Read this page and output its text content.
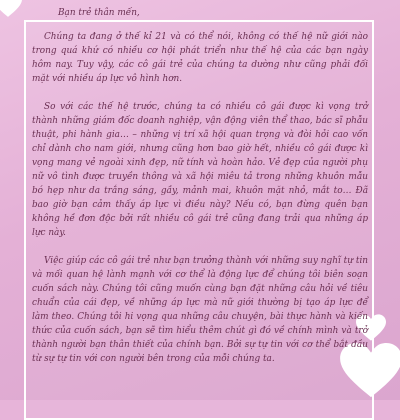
Bạn trẻ thân mến,

Chúng ta đang ở thế kỉ 21 và có thể nói, không có thế hệ nữ giới nào trong quá khứ có nhiều cơ hội phát triển như thế hệ của các bạn ngày hôm nay. Tuy vậy, các cô gái trẻ của chúng ta dường như cũng phải đối mặt với nhiều áp lực vô hình hơn.

So với các thế hệ trước, chúng ta có nhiều cô gái được kì vọng trở thành những giám đốc doanh nghiệp, vận động viên thể thao, bác sĩ phẫu thuật, phi hành gia… – những vị trí xã hội quan trọng và đòi hỏi cao vốn chỉ dành cho nam giới, nhưng cũng hơn bao giờ hết, nhiều cô gái được kì vọng mang vẻ ngoài xinh đẹp, nữ tính và hoàn hảo. Vẻ đẹp của người phụ nữ vô tình được truyền thông và xã hội miêu tả trong những khuôn mẫu bó hẹp như da trắng sáng, gầy, mảnh mai, khuôn mặt nhỏ, mắt to… Đã bao giờ bạn cảm thấy áp lực vì điều này? Nếu có, bạn đừng quên bạn không hề đơn độc bởi rất nhiều cô gái trẻ cũng đang trải qua những áp lực này.

Việc giúp các cô gái trẻ như bạn trưởng thành với những suy nghĩ tự tin và mối quan hệ lành mạnh với cơ thể là động lực để chúng tôi biên soạn cuốn sách này. Chúng tôi cũng muốn cùng bạn đặt những câu hỏi về tiêu chuẩn của cái đẹp, về những áp lực mà nữ giới thường bị tạo áp lực để làm theo. Chúng tôi hi vọng qua những câu chuyện, bài thực hành và kiến thức của cuốn sách, bạn sẽ tìm hiểu thêm chút gì đó về chính mình và trở thành người bạn thân thiết của chính bạn. Bởi sự tự tin với cơ thể bắt đầu từ sự tự tin với con người bên trong của mỗi chúng ta.
